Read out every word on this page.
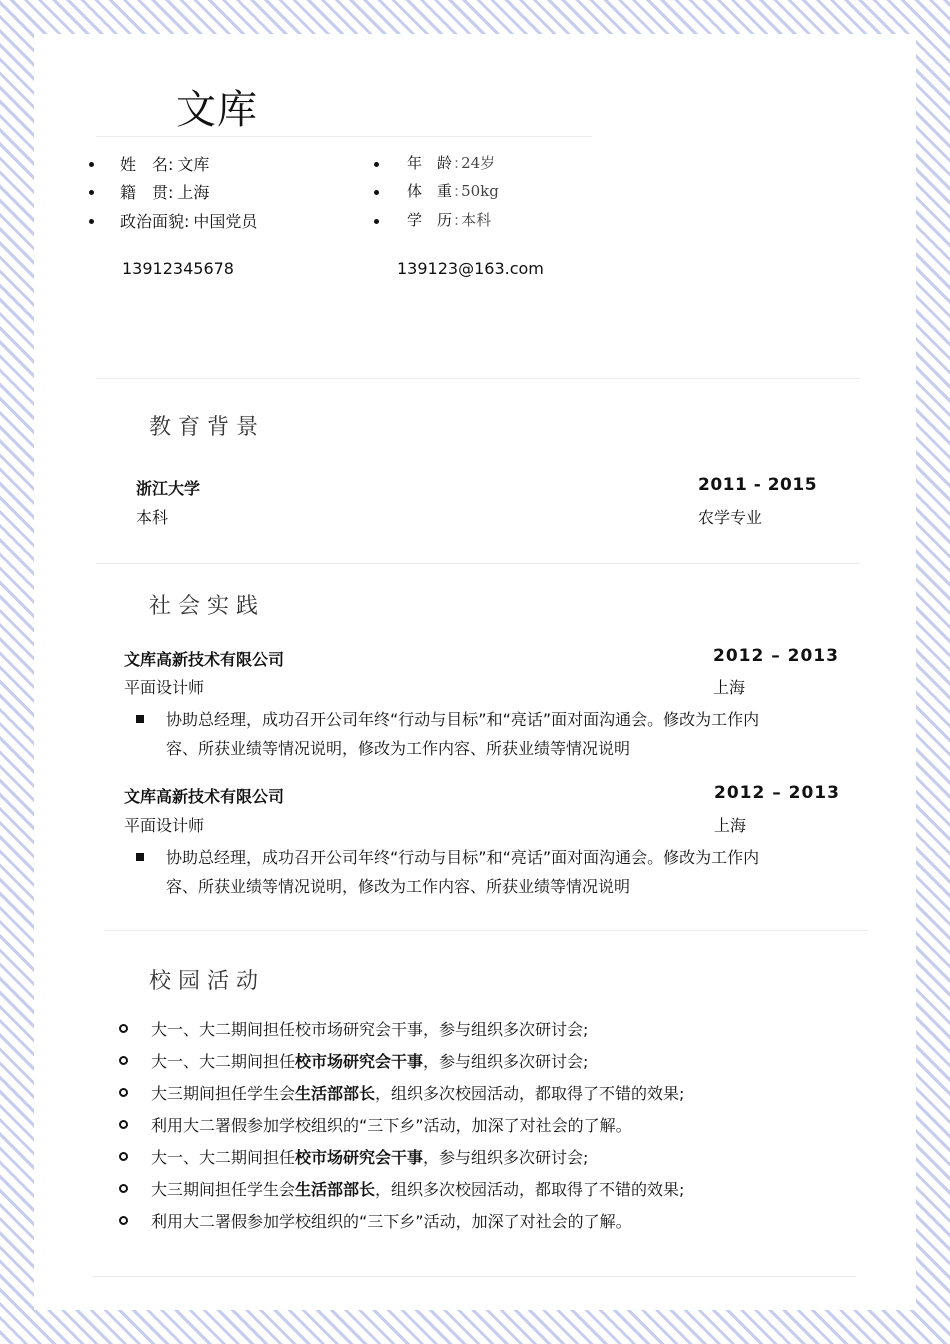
文库
姓　名: 文库
籍　贯: 上海
政治面貌: 中国党员
年　龄 : 24岁
体　重 : 50kg
学　历 : 本科
13912345678	139123@163.com
教育背景
浙江大学	2011 - 2015
本科	农学专业
社会实践
文库高新技术有限公司	2012 – 2013
平面设计师	上海
协助总经理，成功召开公司年终“行动与目标”和“亮话”面对面沟通会。修改为工作内容、所获业绩等情况说明，修改为工作内容、所获业绩等情况说明
文库高新技术有限公司	2012 – 2013
平面设计师	上海
协助总经理，成功召开公司年终“行动与目标”和“亮话”面对面沟通会。修改为工作内容、所获业绩等情况说明，修改为工作内容、所获业绩等情况说明
校园活动
大一、大二期间担任校市场研究会干事，参与组织多次研讨会;
大一、大二期间担任校市场研究会干事，参与组织多次研讨会;
大三期间担任学生会生活部部长，组织多次校园活动，都取得了不错的效果;
利用大二署假参加学校组织的“三下乡”活动，加深了对社会的了解。
大一、大二期间担任校市场研究会干事，参与组织多次研讨会;
大三期间担任学生会生活部部长，组织多次校园活动，都取得了不错的效果;
利用大二署假参加学校组织的“三下乡”活动，加深了对社会的了解。
